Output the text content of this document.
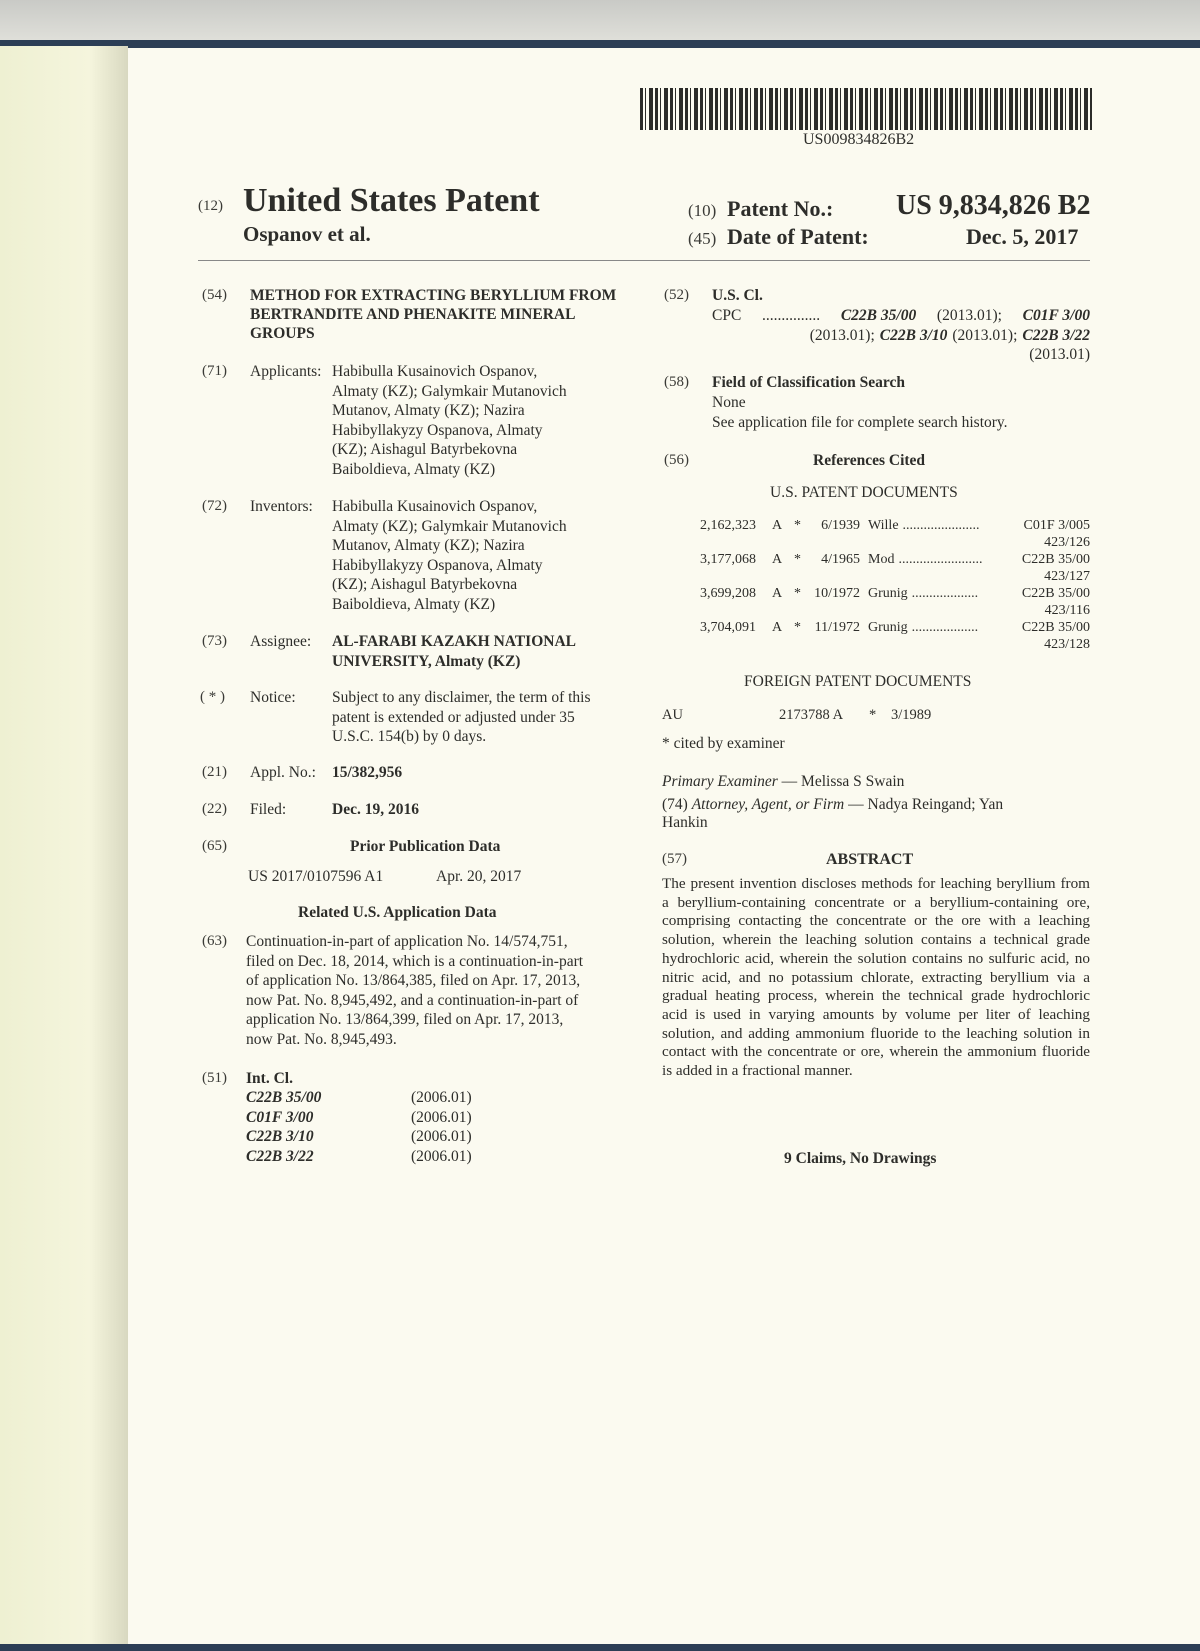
US009834826B2
(12) United States Patent
Ospanov et al.
(10) Patent No.: US 9,834,826 B2
(45) Date of Patent:	Dec. 5, 2017
(54) METHOD FOR EXTRACTING BERYLLIUM FROM BERTRANDITE AND PHENAKITE MINERAL GROUPS
(71) Applicants: Habibulla Kusainovich Ospanov,
Almaty (KZ); Galymkair Mutanovich
Mutanov, Almaty (KZ); Nazira
Habibyllakyzy Ospanova, Almaty
(KZ); Aishagul Batyrbekovna
Baiboldieva, Almaty (KZ)
(72) Inventors: Habibulla Kusainovich Ospanov,
Almaty (KZ); Galymkair Mutanovich
Mutanov, Almaty (KZ); Nazira
Habibyllakyzy Ospanova, Almaty
(KZ); Aishagul Batyrbekovna
Baiboldieva, Almaty (KZ)
(73) Assignee: AL-FARABI KAZAKH NATIONAL
UNIVERSITY, Almaty (KZ)
( * ) Notice: Subject to any disclaimer, the term of this
patent is extended or adjusted under 35
U.S.C. 154(b) by 0 days.
(21) Appl. No.: 15/382,956
(22) Filed:	Dec. 19, 2016
(65)	Prior Publication Data
US 2017/0107596 A1	Apr. 20, 2017
Related U.S. Application Data
(63) Continuation-in-part of application No. 14/574,751,
filed on Dec. 18, 2014, which is a continuation-in-part
of application No. 13/864,385, filed on Apr. 17, 2013,
now Pat. No. 8,945,492, and a continuation-in-part of
application No. 13/864,399, filed on Apr. 17, 2013,
now Pat. No. 8,945,493.
(51) Int. Cl.
C22B 35/00	(2006.01)
C01F 3/00	(2006.01)
C22B 3/10	(2006.01)
C22B 3/22	(2006.01)
(52) U.S. Cl.
CPC ............... C22B 35/00 (2013.01); C01F 3/00
(2013.01); C22B 3/10 (2013.01); C22B 3/22
(2013.01)
(58) Field of Classification Search
None
See application file for complete search history.
(56)	References Cited
U.S. PATENT DOCUMENTS
2,162,323	A *	6/1939 Wille ......................	C01F 3/005
423/126
3,177,068	A *	4/1965 Mod ........................	C22B 35/00
423/127
3,699,208	A * 10/1972 Grunig ...................	C22B 35/00
423/116
3,704,091	A * 11/1972 Grunig ...................	C22B 35/00
423/128
FOREIGN PATENT DOCUMENTS
AU	2173788 A	*	3/1989
* cited by examiner
Primary Examiner — Melissa S Swain
(74) Attorney, Agent, or Firm — Nadya Reingand; Yan
Hankin
(57)	ABSTRACT
The present invention discloses methods for leaching beryllium from a beryllium-containing concentrate or a beryllium-containing ore, comprising contacting the concentrate or the ore with a leaching solution, wherein the leaching solution contains a technical grade hydrochloric acid, wherein the solution contains no sulfuric acid, no nitric acid, and no potassium chlorate, extracting beryllium via a gradual heating process, wherein the technical grade hydrochloric acid is used in varying amounts by volume per liter of leaching solution, and adding ammonium fluoride to the leaching solution in contact with the concentrate or ore, wherein the ammonium fluoride is added in a fractional manner.
9 Claims, No Drawings
